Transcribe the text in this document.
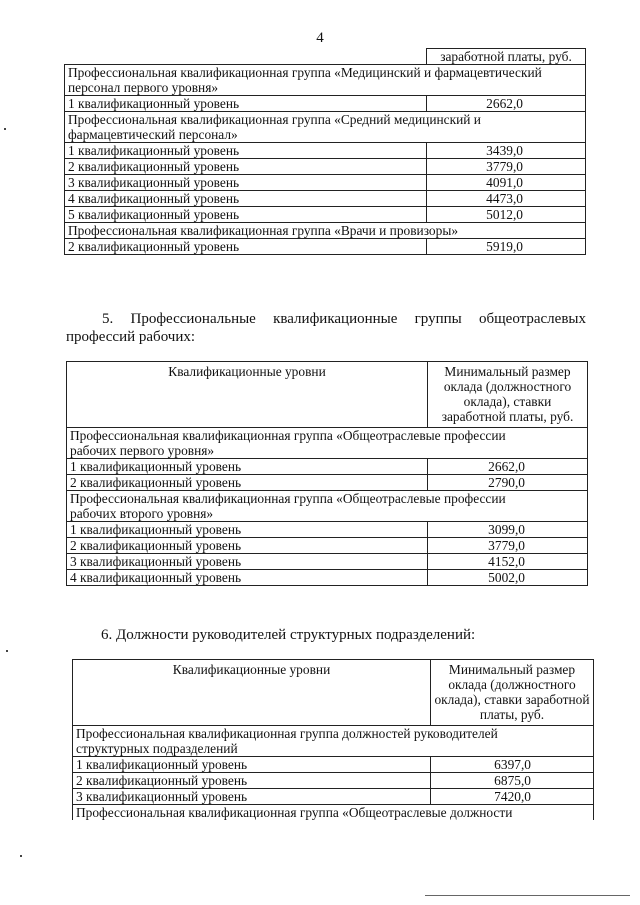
4
	заработной платы, руб.
Профессиональная квалификационная группа «Медицинский и фармацевтический персонал первого уровня»	
1 квалификационный уровень	2662,0
Профессиональная квалификационная группа «Средний медицинский и фармацевтический персонал»	
1 квалификационный уровень	3439,0
2 квалификационный уровень	3779,0
3 квалификационный уровень	4091,0
4 квалификационный уровень	4473,0
5 квалификационный уровень	5012,0
Профессиональная квалификационная группа «Врачи и провизоры»	
2 квалификационный уровень	5919,0
5. Профессиональные квалификационные группы общеотраслевых профессий рабочих:
Квалификационные уровни	Минимальный размер оклада (должностного оклада), ставки заработной платы, руб.
Профессиональная квалификационная группа «Общеотраслевые профессии рабочих первого уровня»	
1 квалификационный уровень	2662,0
2 квалификационный уровень	2790,0
Профессиональная квалификационная группа «Общеотраслевые профессии рабочих второго уровня»	
1 квалификационный уровень	3099,0
2 квалификационный уровень	3779,0
3 квалификационный уровень	4152,0
4 квалификационный уровень	5002,0
6. Должности руководителей структурных подразделений:
Квалификационные уровни	Минимальный размер оклада (должностного оклада), ставки заработной платы, руб.
Профессиональная квалификационная группа должностей руководителей структурных подразделений	
1 квалификационный уровень	6397,0
2 квалификационный уровень	6875,0
3 квалификационный уровень	7420,0
Профессиональная квалификационная группа «Общеотраслевые должности	
